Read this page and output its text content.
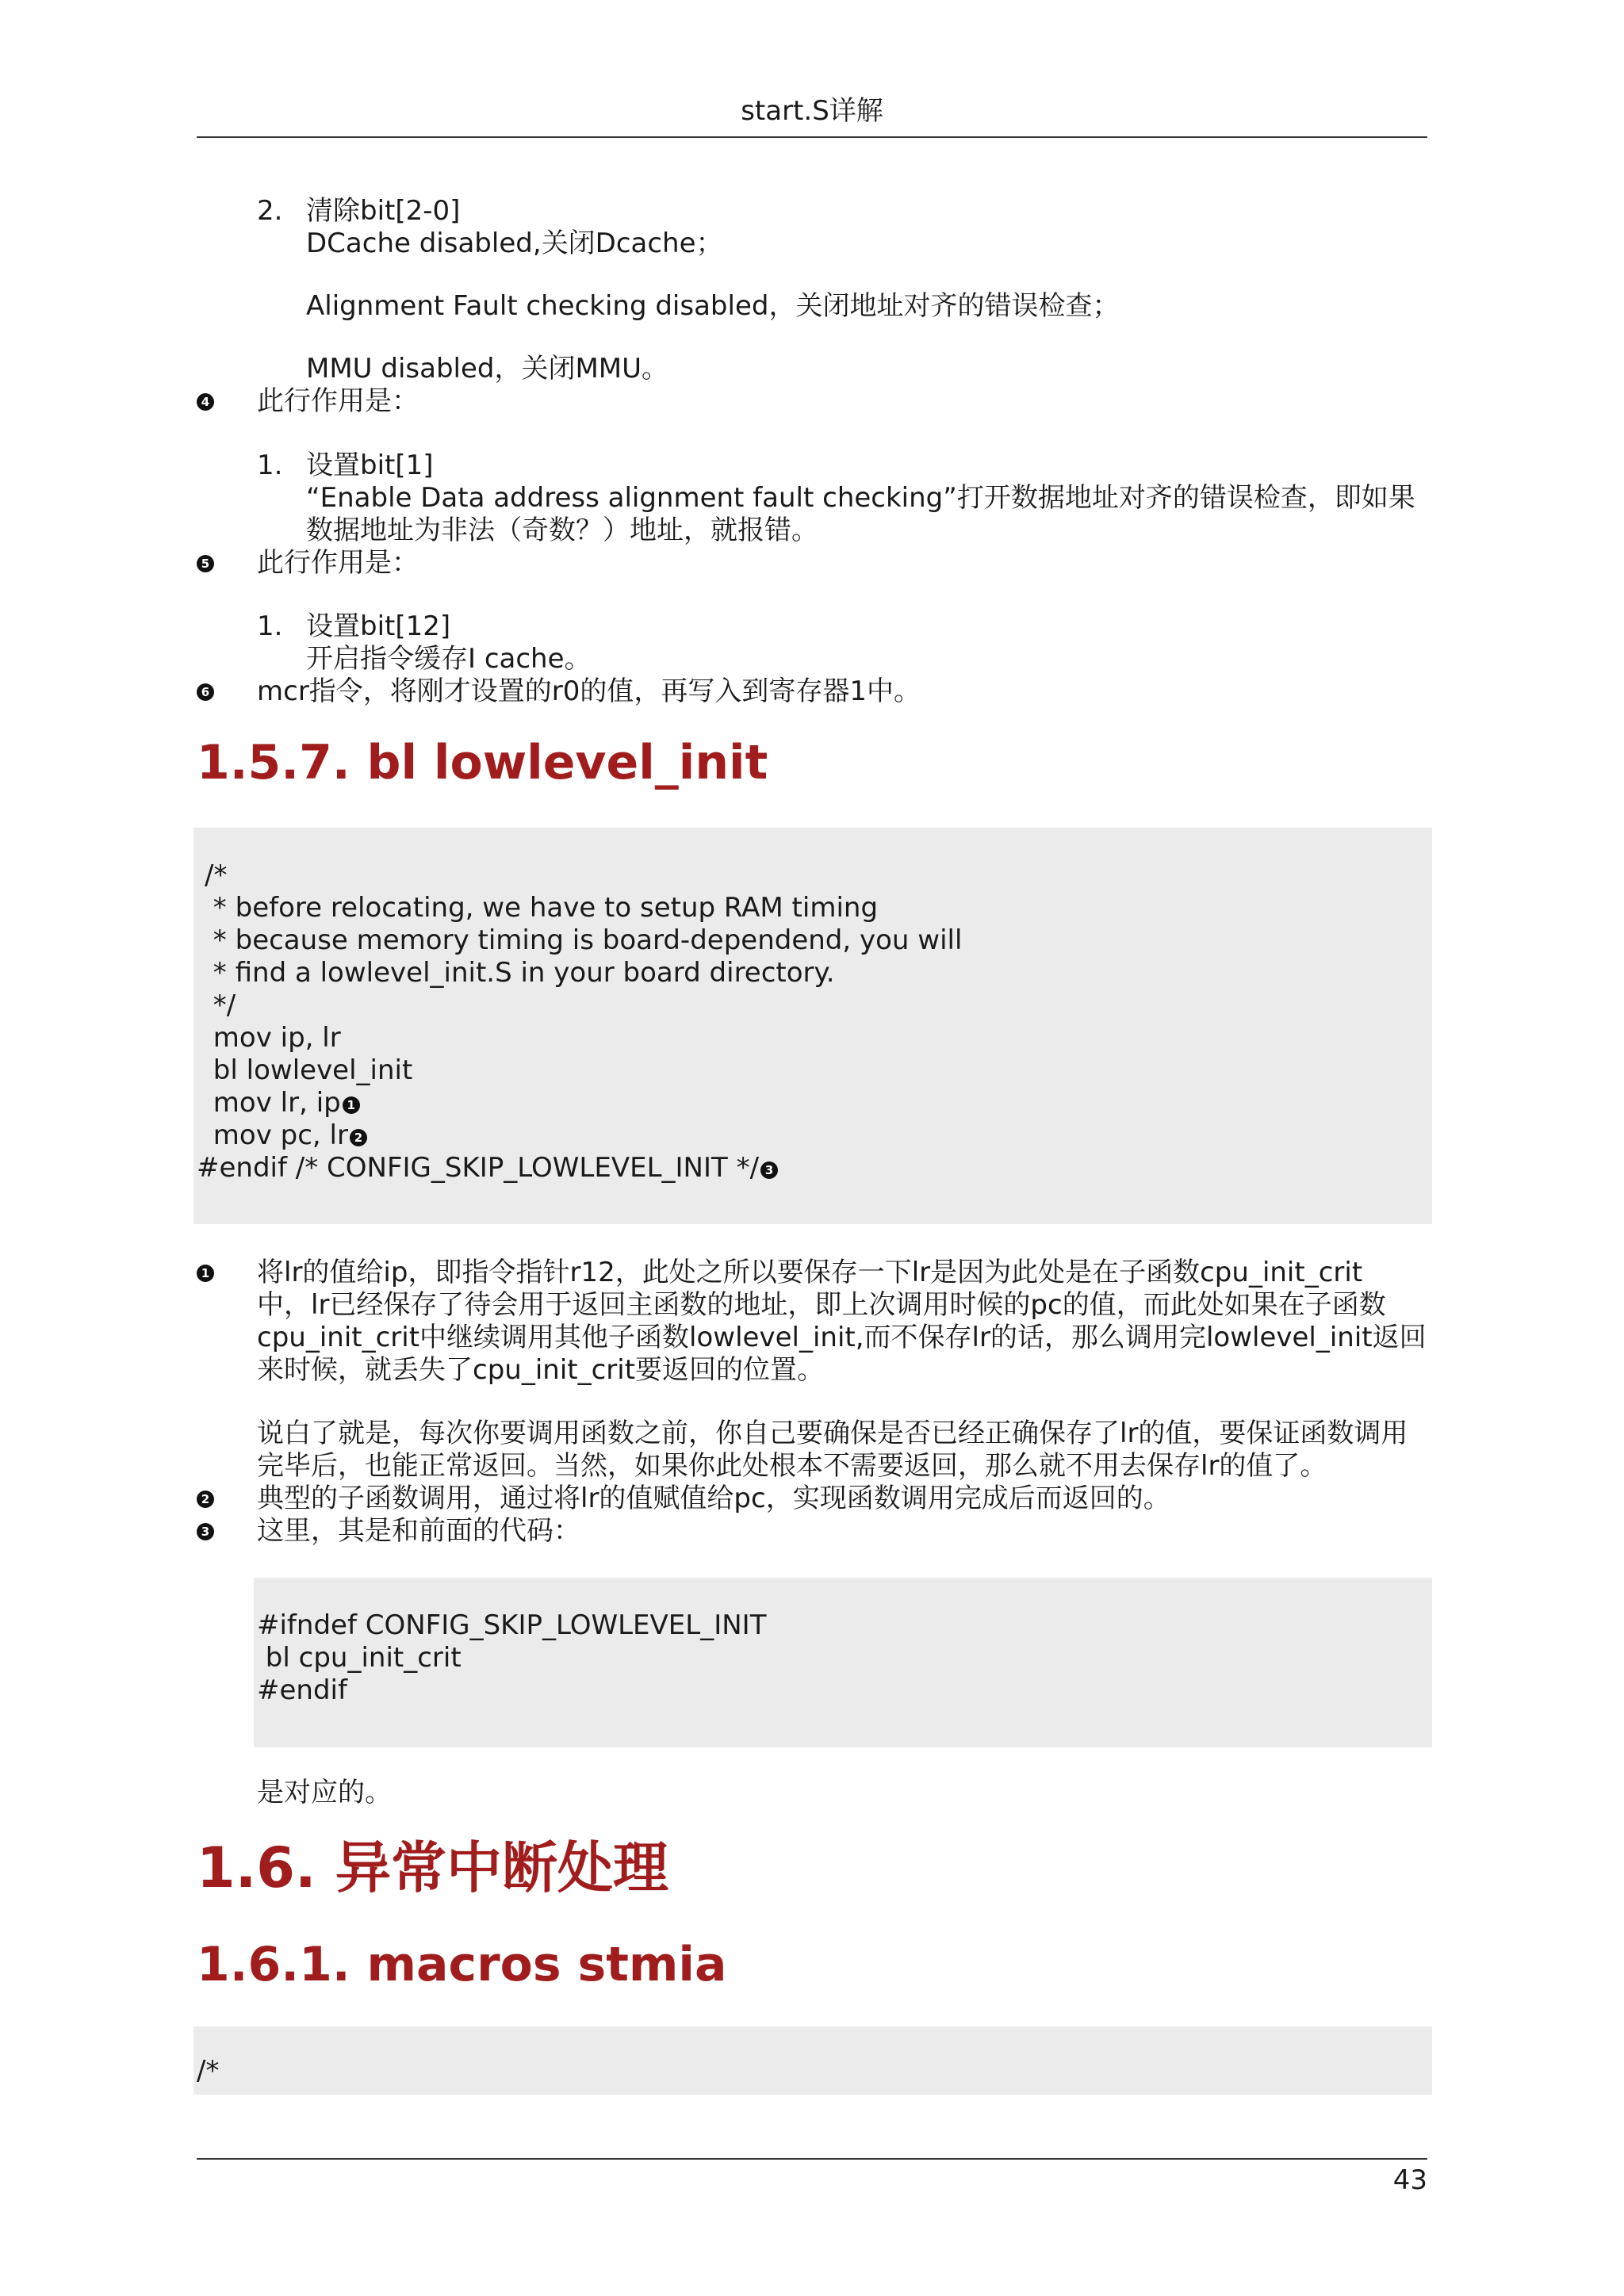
start.S详解
2. 清除bit[2-0]
DCache disabled,关闭Dcache；
Alignment Fault checking disabled，关闭地址对齐的错误检查；
MMU disabled，关闭MMU。
4 此行作用是：
1. 设置bit[1]
“Enable Data address alignment fault checking”打开数据地址对齐的错误检查，即如果
数据地址为非法（奇数？）地址，就报错。
5 此行作用是：
1. 设置bit[12]
开启指令缓存I cache。
6 mcr指令，将刚才设置的r0的值，再写入到寄存器1中。
1.5.7. bl lowlevel_init
/*
* before relocating, we have to setup RAM timing
* because memory timing is board-dependend, you will
* find a lowlevel_init.S in your board directory.
*/
mov ip, lr
bl lowlevel_init
mov lr, ip 1
mov pc, lr 2
#endif /* CONFIG_SKIP_LOWLEVEL_INIT */ 3
1 将lr的值给ip，即指令指针r12，此处之所以要保存一下lr是因为此处是在子函数cpu_init_crit
中，lr已经保存了待会用于返回主函数的地址，即上次调用时候的pc的值，而此处如果在子函数
cpu_init_crit中继续调用其他子函数lowlevel_init,而不保存lr的话，那么调用完lowlevel_init返回
来时候，就丢失了cpu_init_crit要返回的位置。
说白了就是，每次你要调用函数之前，你自己要确保是否已经正确保存了lr的值，要保证函数调用
完毕后，也能正常返回。当然，如果你此处根本不需要返回，那么就不用去保存lr的值了。
2 典型的子函数调用，通过将lr的值赋值给pc，实现函数调用完成后而返回的。
3 这里，其是和前面的代码：
#ifndef CONFIG_SKIP_LOWLEVEL_INIT
bl cpu_init_crit
#endif
是对应的。
1.6. 异常中断处理
1.6.1. macros stmia
/*
43
